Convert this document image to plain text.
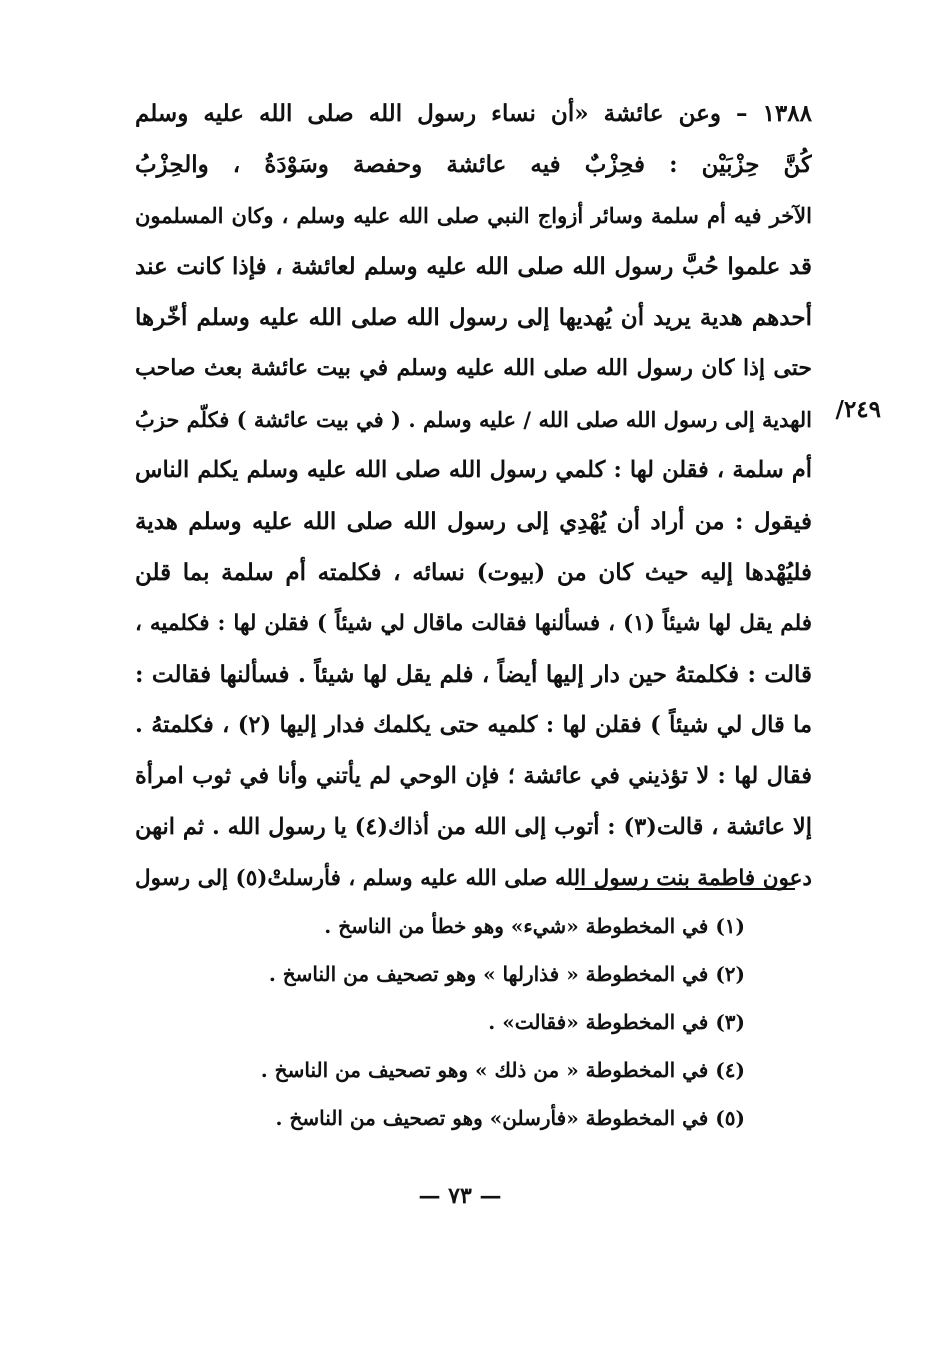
١٣٨٨ – وعن عائشة «أن نساء رسول الله صلى الله عليه وسلم
كُنَّ حِزْبَيْن : فحِزْبٌ فيه عائشة وحفصة وسَوْدَةُ ، والحِزْبُ
الآخر فيه أم سلمة وسائر أزواج النبي صلى الله عليه وسلم ، وكان المسلمون
قد علموا حُبَّ رسول الله صلى الله عليه وسلم لعائشة ، فإذا كانت عند
أحدهم هدية يريد أن يُهديها إلى رسول الله صلى الله عليه وسلم أخّرها
حتى إذا كان رسول الله صلى الله عليه وسلم في بيت عائشة بعث صاحب
الهدية إلى رسول الله صلى الله / عليه وسلم . ( في بيت عائشة ) فكلّم حزبُ
أم سلمة ، فقلن لها : كلمي رسول الله صلى الله عليه وسلم يكلم الناس
فيقول : من أراد أن يُهْدِي إلى رسول الله صلى الله عليه وسلم هدية
فليُهْدها إليه حيث كان من (بيوت) نسائه ، فكلمته أم سلمة بما قلن
فلم يقل لها شيئاً (١) ، فسألنها فقالت ماقال لي شيئاً ) فقلن لها : فكلميه ،
قالت : فكلمتهُ حين دار إليها أيضاً ، فلم يقل لها شيئاً . فسألنها فقالت :
ما قال لي شيئاً ) فقلن لها : كلميه حتى يكلمك فدار إليها (٢) ، فكلمتهُ .
فقال لها : لا تؤذيني في عائشة ؛ فإن الوحي لم يأتني وأنا في ثوب امرأة
إلا عائشة ، قالت(٣) : أتوب إلى الله من أذاك(٤) يا رسول الله . ثم انهن
دعون فاطمة بنت رسول الله صلى الله عليه وسلم ، فأرسلتْ(٥) إلى رسول
٢٤٩/
(١) في المخطوطة «شيء» وهو خطأ من الناسخ .
(٢) في المخطوطة « فذارلها » وهو تصحيف من الناسخ .
(٣) في المخطوطة «فقالت» .
(٤) في المخطوطة « من ذلك » وهو تصحيف من الناسخ .
(٥) في المخطوطة «فأرسلن» وهو تصحيف من الناسخ .
— ٧٣ —
